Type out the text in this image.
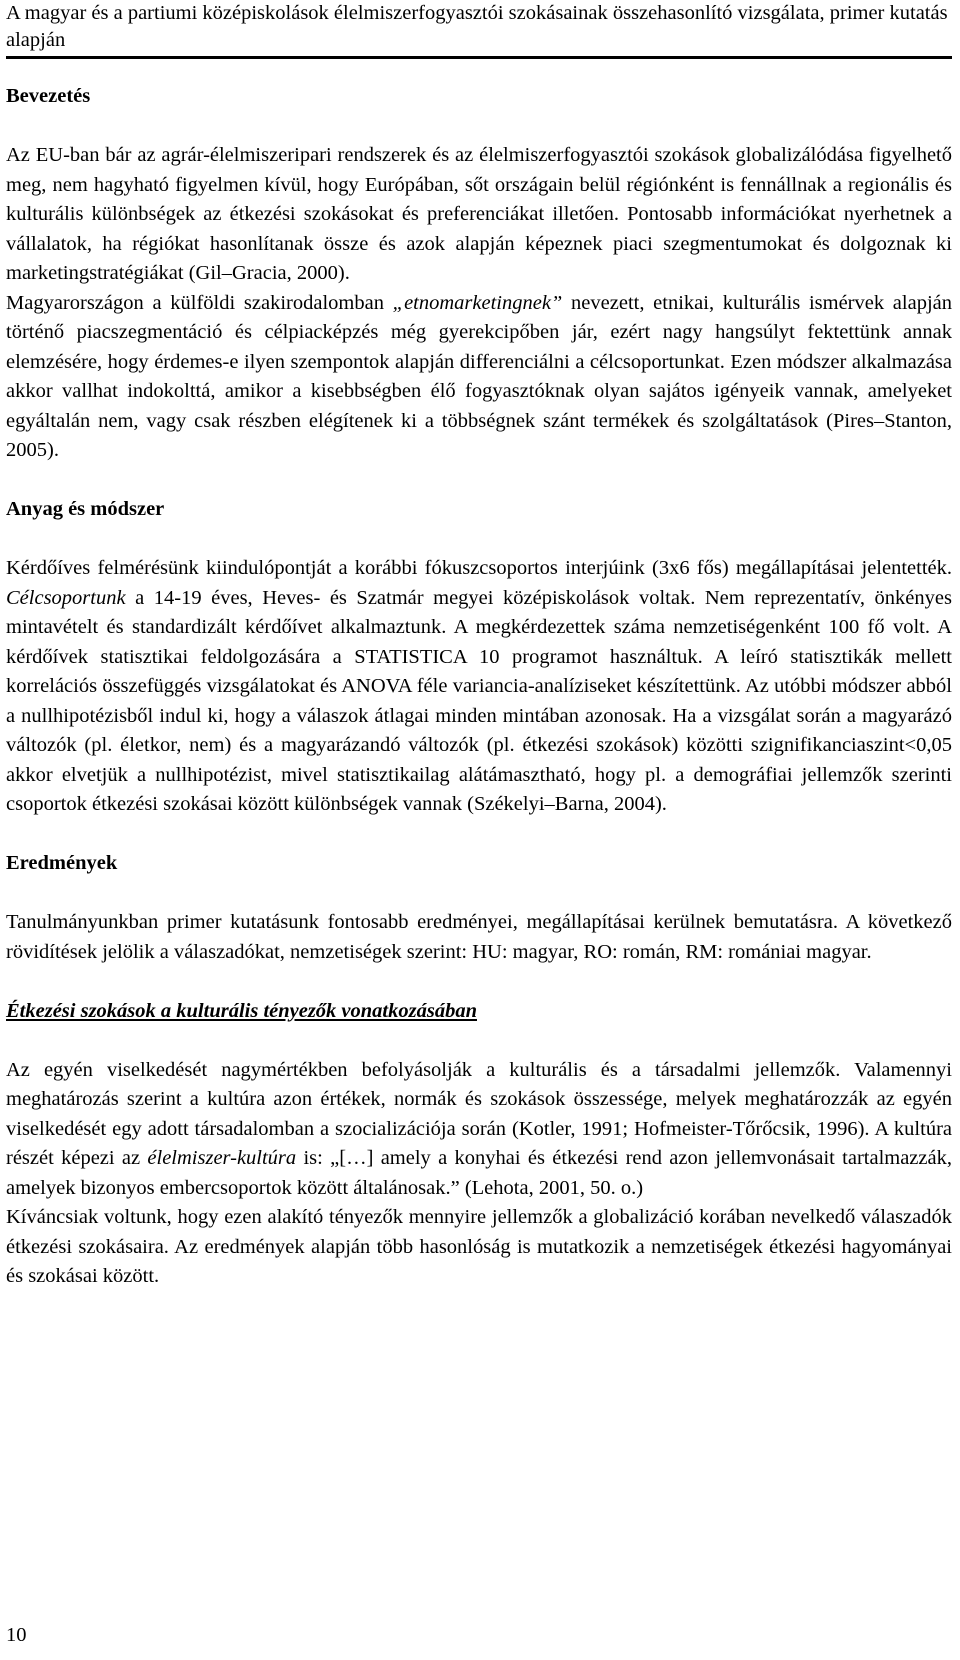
A magyar és a partiumi középiskolások élelmiszerfogyasztói szokásainak összehasonlító vizsgálata, primer kutatás alapján
Bevezetés

Az EU-ban bár az agrár-élelmiszeripari rendszerek és az élelmiszerfogyasztói szokások globalizálódása figyelhető meg, nem hagyható figyelmen kívül, hogy Európában, sőt országain belül régiónként is fennállnak a regionális és kulturális különbségek az étkezési szokásokat és preferenciákat illetően. Pontosabb információkat nyerhetnek a vállalatok, ha régiókat hasonlítanak össze és azok alapján képeznek piaci szegmentumokat és dolgoznak ki marketingstratégiákat (Gil–Gracia, 2000).

Magyarországon a külföldi szakirodalomban „etnomarketingnek” nevezett, etnikai, kulturális ismérvek alapján történő piacszegmentáció és célpiacképzés még gyerekcipőben jár, ezért nagy hangsúlyt fektettünk annak elemzésére, hogy érdemes-e ilyen szempontok alapján differenciálni a célcsoportunkat. Ezen módszer alkalmazása akkor vallhat indokolttá, amikor a kisebbségben élő fogyasztóknak olyan sajátos igényeik vannak, amelyeket egyáltalán nem, vagy csak részben elégítenek ki a többségnek szánt termékek és szolgáltatások (Pires–Stanton, 2005).

Anyag és módszer

Kérdőíves felmérésünk kiindulópontját a korábbi fókuszcsoportos interjúink (3x6 fős) megállapításai jelentették. Célcsoportunk a 14-19 éves, Heves- és Szatmár megyei középiskolások voltak. Nem reprezentatív, önkényes mintavételt és standardizált kérdőívet alkalmaztunk. A megkérdezettek száma nemzetiségenként 100 fő volt. A kérdőívek statisztikai feldolgozására a STATISTICA 10 programot használtuk. A leíró statisztikák mellett korrelációs összefüggés vizsgálatokat és ANOVA féle variancia-analíziseket készítettünk. Az utóbbi módszer abból a nullhipotézisből indul ki, hogy a válaszok átlagai minden mintában azonosak. Ha a vizsgálat során a magyarázó változók (pl. életkor, nem) és a magyarázandó változók (pl. étkezési szokások) közötti szignifikanciaszint<0,05 akkor elvetjük a nullhipotézist, mivel statisztikailag alátámasztható, hogy pl. a demográfiai jellemzők szerinti csoportok étkezési szokásai között különbségek vannak (Székelyi–Barna, 2004).

Eredmények

Tanulmányunkban primer kutatásunk fontosabb eredményei, megállapításai kerülnek bemutatásra. A következő rövidítések jelölik a válaszadókat, nemzetiségek szerint: HU: magyar, RO: román, RM: romániai magyar.

Étkezési szokások a kulturális tényezők vonatkozásában

Az egyén viselkedését nagymértékben befolyásolják a kulturális és a társadalmi jellemzők. Valamennyi meghatározás szerint a kultúra azon értékek, normák és szokások összessége, melyek meghatározzák az egyén viselkedését egy adott társadalomban a szocializációja során (Kotler, 1991; Hofmeister-Tőrőcsik, 1996). A kultúra részét képezi az élelmiszer-kultúra is: „[…] amely a konyhai és étkezési rend azon jellemvonásait tartalmazzák, amelyek bizonyos embercsoportok között általánosak.” (Lehota, 2001, 50. o.)

Kíváncsiak voltunk, hogy ezen alakító tényezők mennyire jellemzők a globalizáció korában nevelkedő válaszadók étkezési szokásaira. Az eredmények alapján több hasonlóság is mutatkozik a nemzetiségek étkezési hagyományai és szokásai között.

10
